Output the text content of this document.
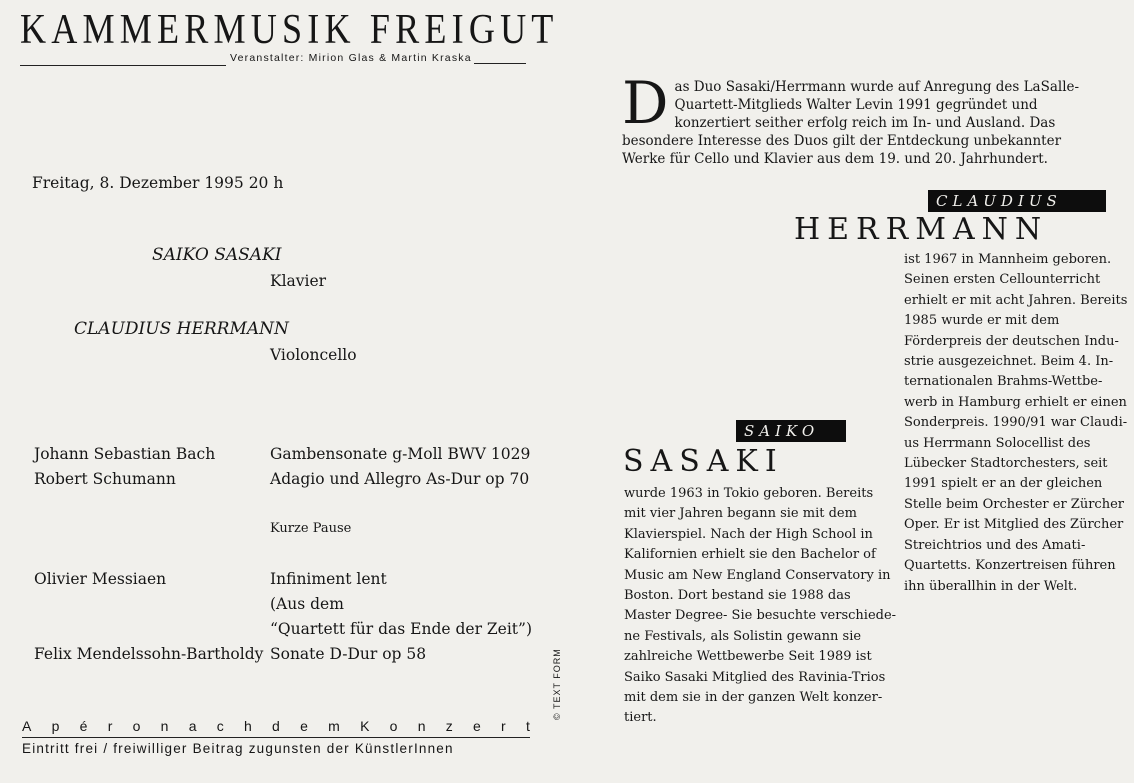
KAMMERMUSIK FREIGUT
Veranstalter: Mirion Glas & Martin Kraska
Freitag, 8. Dezember 1995 20 h
SAIKO SASAKI
Klavier
CLAUDIUS HERRMANN
Violoncello
Johann Sebastian Bach	Gambensonate g-Moll BWV 1029
Robert Schumann	Adagio und Allegro As-Dur op 70
Kurze Pause
Olivier Messiaen	Infiniment lent
(Aus dem
“Quartett für das Ende der Zeit”)
Felix Mendelssohn-Bartholdy Sonate D-Dur op 58
A p é r o n a c h d e m K o n z e r t
Eintritt frei / freiwilliger Beitrag zugunsten der KünstlerInnen
© TEXT FORM
Das Duo Sasaki/Herrmann wurde auf Anregung des LaSalle-Quartett-Mitglieds Walter Levin 1991 gegründet und konzertiert seither erfolg reich im In- und Ausland. Das besondere Interesse des Duos gilt der Entdeckung unbekannter Werke für Cello und Klavier aus dem 19. und 20. Jahrhundert.
CLAUDIUS
HERRMANN
ist 1967 in Mannheim geboren.
Seinen ersten Cellounterricht
erhielt er mit acht Jahren. Bereits
1985 wurde er mit dem
Förderpreis der deutschen Indu-
strie ausgezeichnet. Beim 4. In-
ternationalen Brahms-Wettbe-
werb in Hamburg erhielt er einen
Sonderpreis. 1990/91 war Claudi-
us Herrmann Solocellist des
Lübecker Stadtorchesters, seit
1991 spielt er an der gleichen
Stelle beim Orchester er Zürcher
Oper. Er ist Mitglied des Zürcher
Streichtrios und des Amati-
Quartetts. Konzertreisen führen
ihn überallhin in der Welt.
SAIKO
SASAKI
wurde 1963 in Tokio geboren. Bereits
mit vier Jahren begann sie mit dem
Klavierspiel. Nach der High School in
Kalifornien erhielt sie den Bachelor of
Music am New England Conservatory in
Boston. Dort bestand sie 1988 das
Master Degree- Sie besuchte verschiede-
ne Festivals, als Solistin gewann sie
zahlreiche Wettbewerbe Seit 1989 ist
Saiko Sasaki Mitglied des Ravinia-Trios
mit dem sie in der ganzen Welt konzer-
tiert.
